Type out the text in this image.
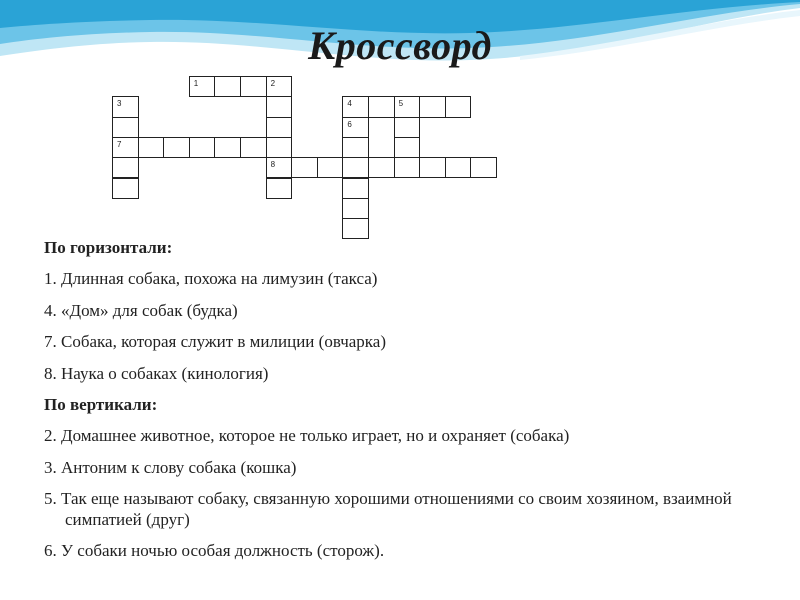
Кроссворд
1	2
8
3
7
4	5
6
По горизонтали:
1. Длинная собака, похожа на лимузин (такса)
4. «Дом» для собак (будка)
7. Собака, которая служит в милиции (овчарка)
8. Наука о собаках (кинология)
По вертикали:
2. Домашнее животное, которое не только играет, но и охраняет (собака)
3. Антоним к слову собака (кошка)
5. Так еще называют собаку, связанную хорошими отношениями со своим хозяином, взаимной симпатией (друг)
6. У собаки ночью особая должность (сторож).
